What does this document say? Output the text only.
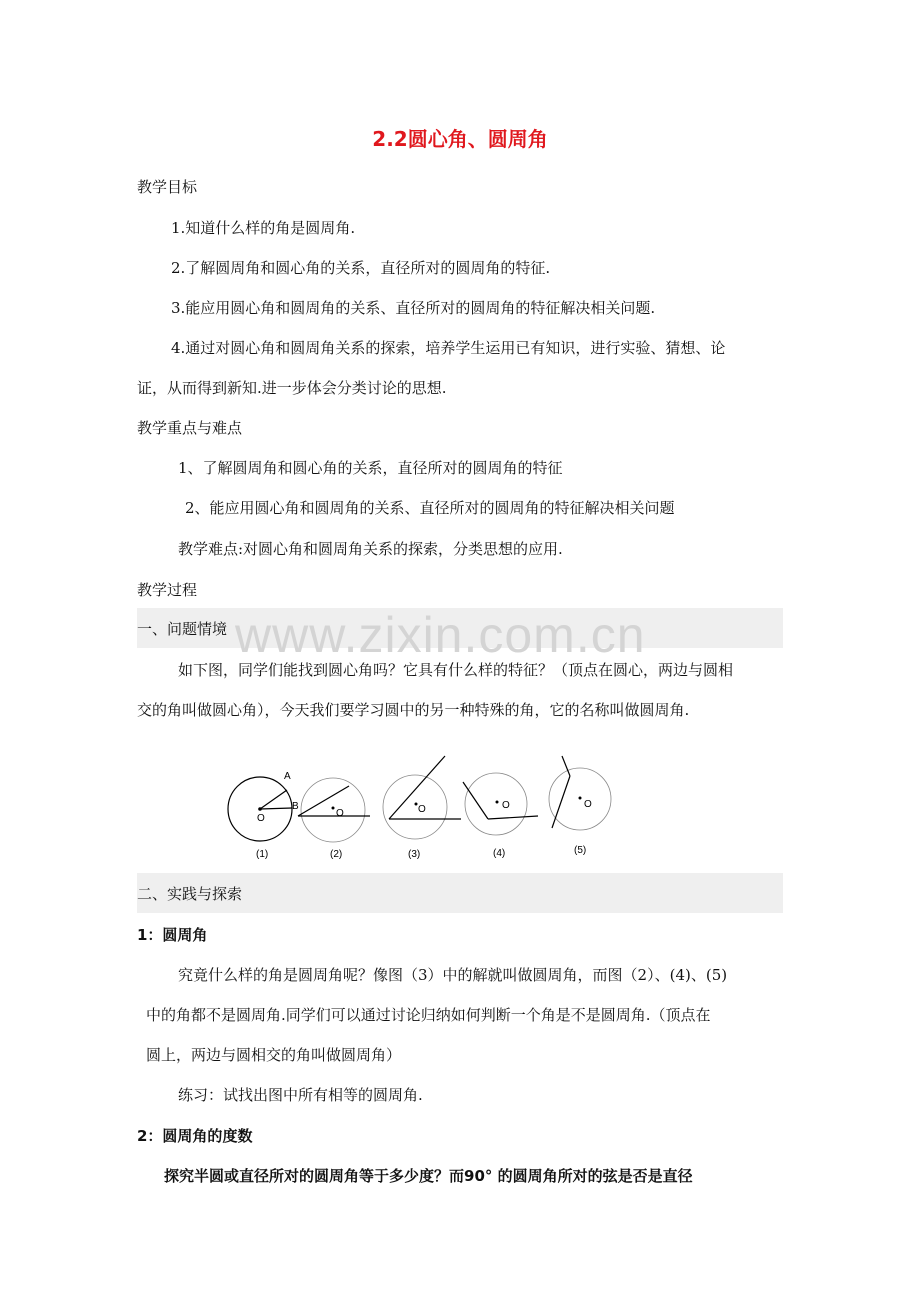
2.2圆心角、圆周角
教学目标
1.知道什么样的角是圆周角.
2.了解圆周角和圆心角的关系，直径所对的圆周角的特征.
3.能应用圆心角和圆周角的关系、直径所对的圆周角的特征解决相关问题.
4.通过对圆心角和圆周角关系的探索，培养学生运用已有知识，进行实验、猜想、论
证，从而得到新知.进一步体会分类讨论的思想.
教学重点与难点
1、了解圆周角和圆心角的关系，直径所对的圆周角的特征
2、能应用圆心角和圆周角的关系、直径所对的圆周角的特征解决相关问题
教学难点:对圆心角和圆周角关系的探索，分类思想的应用.
教学过程
www.zixin.com.cn
一、问题情境
如下图，同学们能找到圆心角吗？它具有什么样的特征？（顶点在圆心，两边与圆相
交的角叫做圆心角），今天我们要学习圆中的另一种特殊的角，它的名称叫做圆周角.
A
B
O	O	O	O	O
(1)	(2)	(3)	(4)	(5)
二、实践与探索
1：圆周角
究竟什么样的角是圆周角呢？像图（3）中的解就叫做圆周角，而图（2）、(4)、(5)
中的角都不是圆周角.同学们可以通过讨论归纳如何判断一个角是不是圆周角.（顶点在
圆上，两边与圆相交的角叫做圆周角）
练习：试找出图中所有相等的圆周角.
2：圆周角的度数
探究半圆或直径所对的圆周角等于多少度？而90° 的圆周角所对的弦是否是直径
